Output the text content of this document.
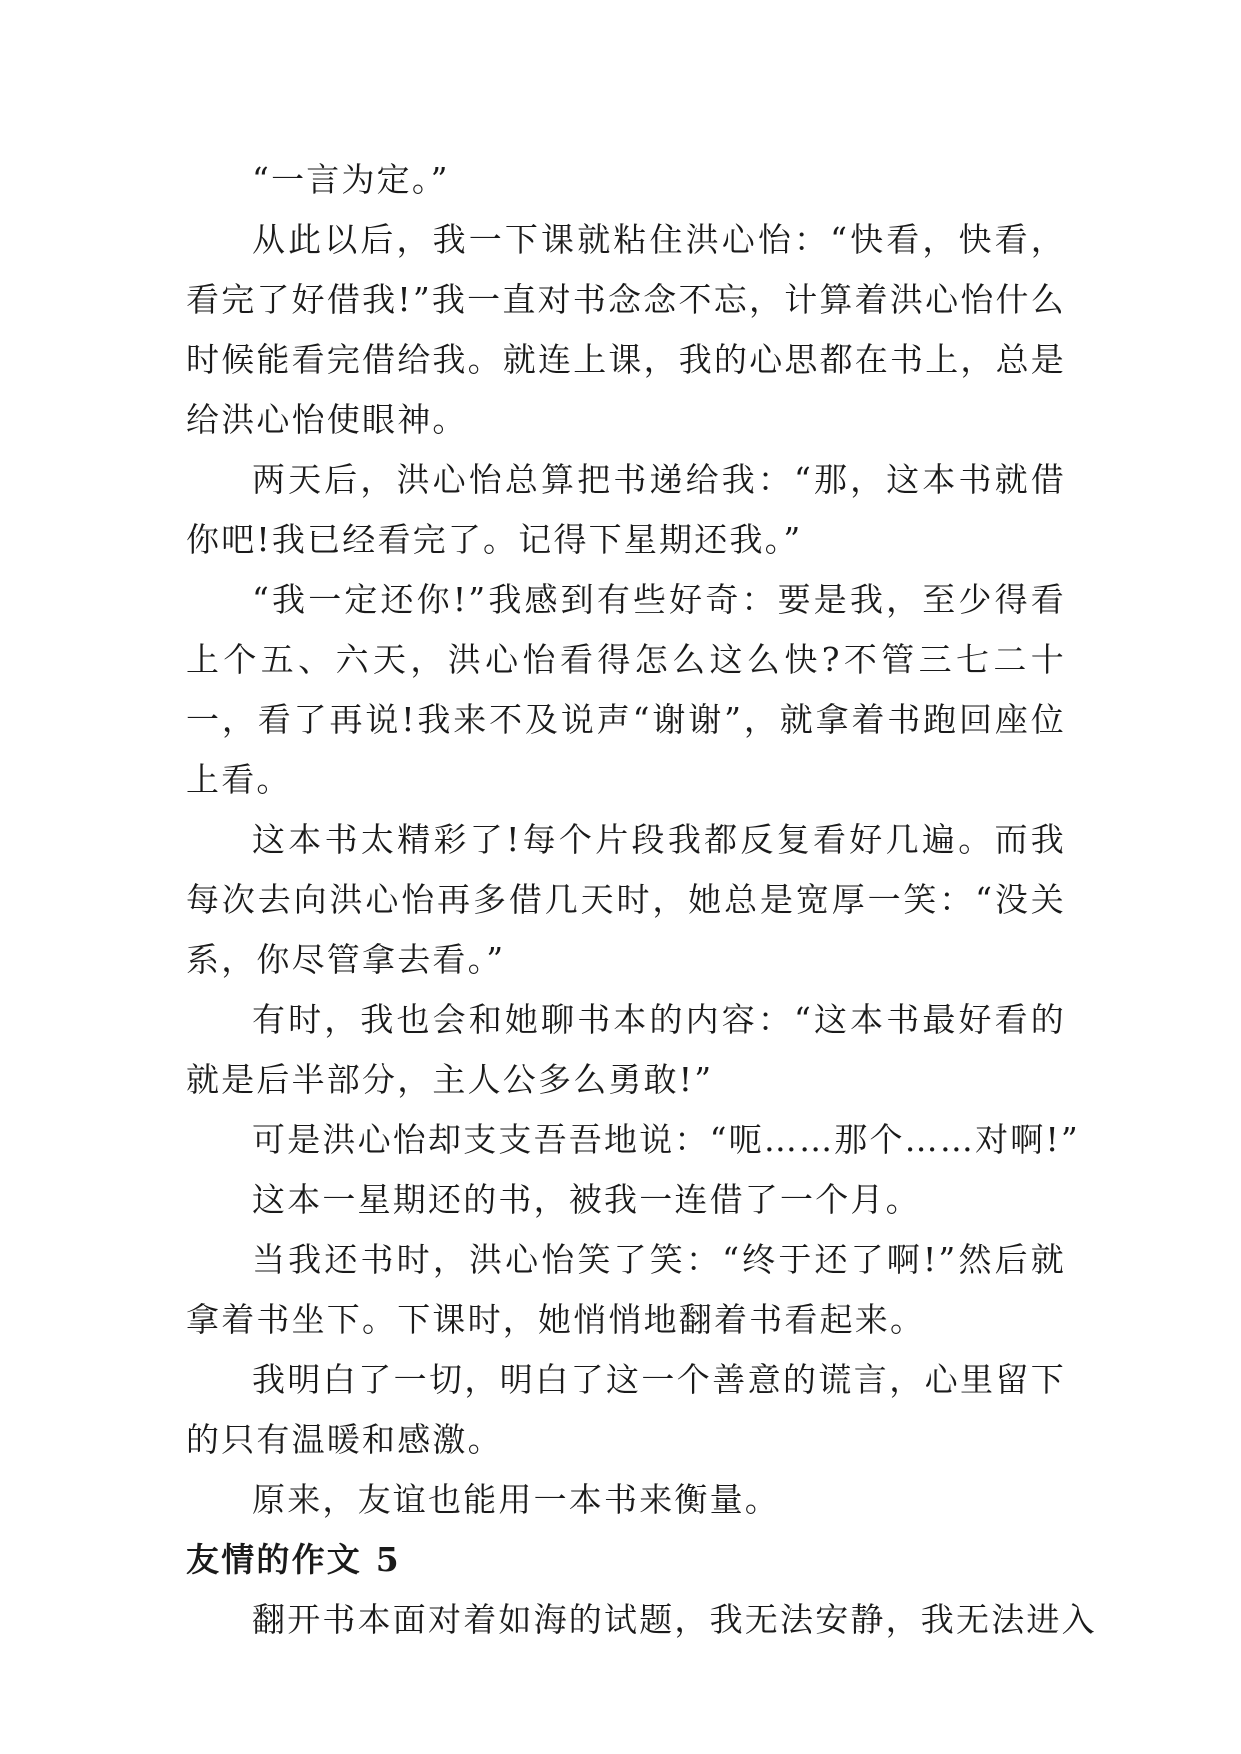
“一言为定。”

从此以后，我一下课就粘住洪心怡：“快看，快看，看完了好借我!”我一直对书念念不忘，计算着洪心怡什么时候能看完借给我。就连上课，我的心思都在书上，总是给洪心怡使眼神。

两天后，洪心怡总算把书递给我：“那，这本书就借你吧!我已经看完了。记得下星期还我。”

“我一定还你!”我感到有些好奇：要是我，至少得看上个五、六天，洪心怡看得怎么这么快?不管三七二十一，看了再说!我来不及说声“谢谢”，就拿着书跑回座位上看。

这本书太精彩了!每个片段我都反复看好几遍。而我每次去向洪心怡再多借几天时，她总是宽厚一笑：“没关系，你尽管拿去看。”

有时，我也会和她聊书本的内容：“这本书最好看的就是后半部分，主人公多么勇敢!”

可是洪心怡却支支吾吾地说：“呃……那个……对啊!”

这本一星期还的书，被我一连借了一个月。

当我还书时，洪心怡笑了笑：“终于还了啊!”然后就拿着书坐下。下课时，她悄悄地翻着书看起来。

我明白了一切，明白了这一个善意的谎言，心里留下的只有温暖和感激。

原来，友谊也能用一本书来衡量。

友情的作文 5

翻开书本面对着如海的试题，我无法安静，我无法进入
